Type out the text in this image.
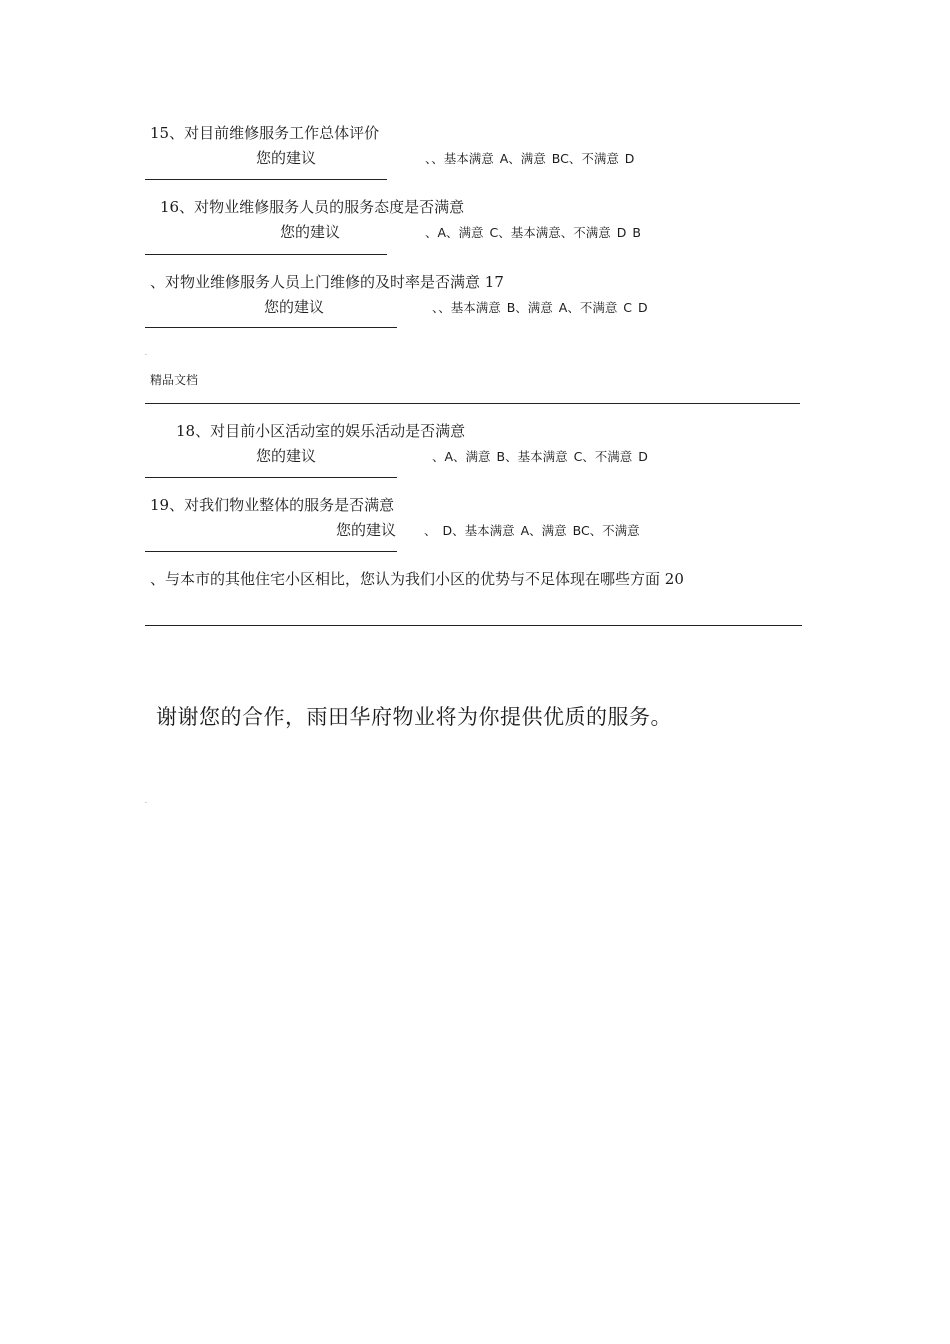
15、对目前维修服务工作总体评价
您的建议	、、基本满意 A、满意 BC、不满意 D
16、对物业维修服务人员的服务态度是否满意
您的建议	、A、满意 C、基本满意、不满意 D B
、对物业维修服务人员上门维修的及时率是否满意 17
您的建议	、、基本满意 B、满意 A、不满意 C D
.
精品文档
18、对目前小区活动室的娱乐活动是否满意
您的建议	、A、满意 B、基本满意 C、不满意 D
19、对我们物业整体的服务是否满意
您的建议 、 D、基本满意 A、满意 BC、不满意
、与本市的其他住宅小区相比，您认为我们小区的优势与不足体现在哪些方面 20
谢谢您的合作，雨田华府物业将为你提供优质的服务。
.
